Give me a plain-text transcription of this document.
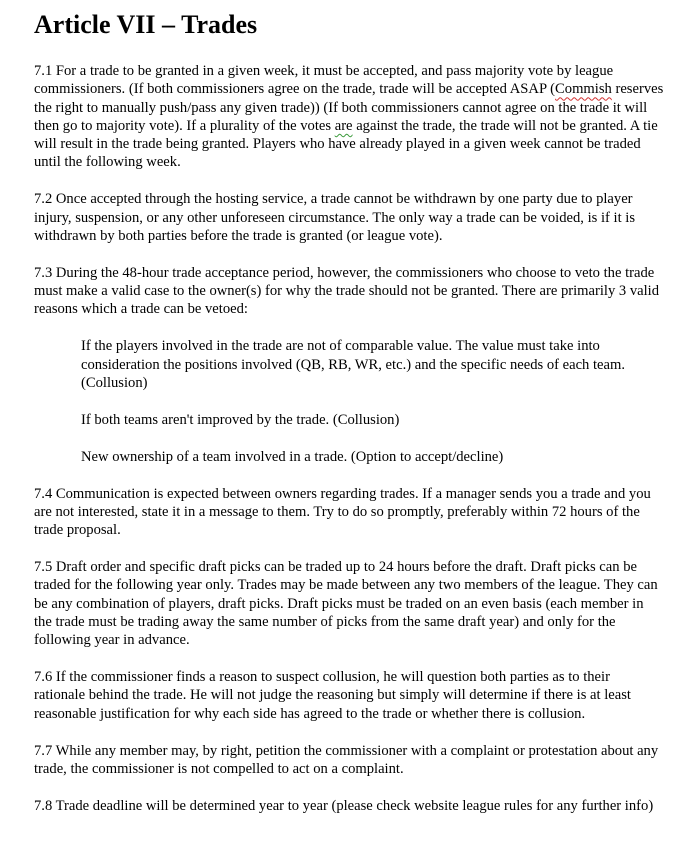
Article VII – Trades

7.1 For a trade to be granted in a given week, it must be accepted, and pass majority vote by league commissioners. (If both commissioners agree on the trade, trade will be accepted ASAP (Commish reserves the right to manually push/pass any given trade)) (If both commissioners cannot agree on the trade it will then go to majority vote). If a plurality of the votes are against the trade, the trade will not be granted. A tie will result in the trade being granted. Players who have already played in a given week cannot be traded until the following week.

7.2 Once accepted through the hosting service, a trade cannot be withdrawn by one party due to player injury, suspension, or any other unforeseen circumstance. The only way a trade can be voided, is if it is withdrawn by both parties before the trade is granted (or league vote).

7.3 During the 48-hour trade acceptance period, however, the commissioners who choose to veto the trade must make a valid case to the owner(s) for why the trade should not be granted. There are primarily 3 valid reasons which a trade can be vetoed:

If the players involved in the trade are not of comparable value. The value must take into consideration the positions involved (QB, RB, WR, etc.) and the specific needs of each team. (Collusion)

If both teams aren't improved by the trade. (Collusion)

New ownership of a team involved in a trade. (Option to accept/decline)

7.4 Communication is expected between owners regarding trades. If a manager sends you a trade and you are not interested, state it in a message to them. Try to do so promptly, preferably within 72 hours of the trade proposal.

7.5 Draft order and specific draft picks can be traded up to 24 hours before the draft. Draft picks can be traded for the following year only. Trades may be made between any two members of the league. They can be any combination of players, draft picks. Draft picks must be traded on an even basis (each member in the trade must be trading away the same number of picks from the same draft year) and only for the following year in advance.

7.6 If the commissioner finds a reason to suspect collusion, he will question both parties as to their rationale behind the trade. He will not judge the reasoning but simply will determine if there is at least reasonable justification for why each side has agreed to the trade or whether there is collusion.

7.7 While any member may, by right, petition the commissioner with a complaint or protestation about any trade, the commissioner is not compelled to act on a complaint.

7.8 Trade deadline will be determined year to year (please check website league rules for any further info)
